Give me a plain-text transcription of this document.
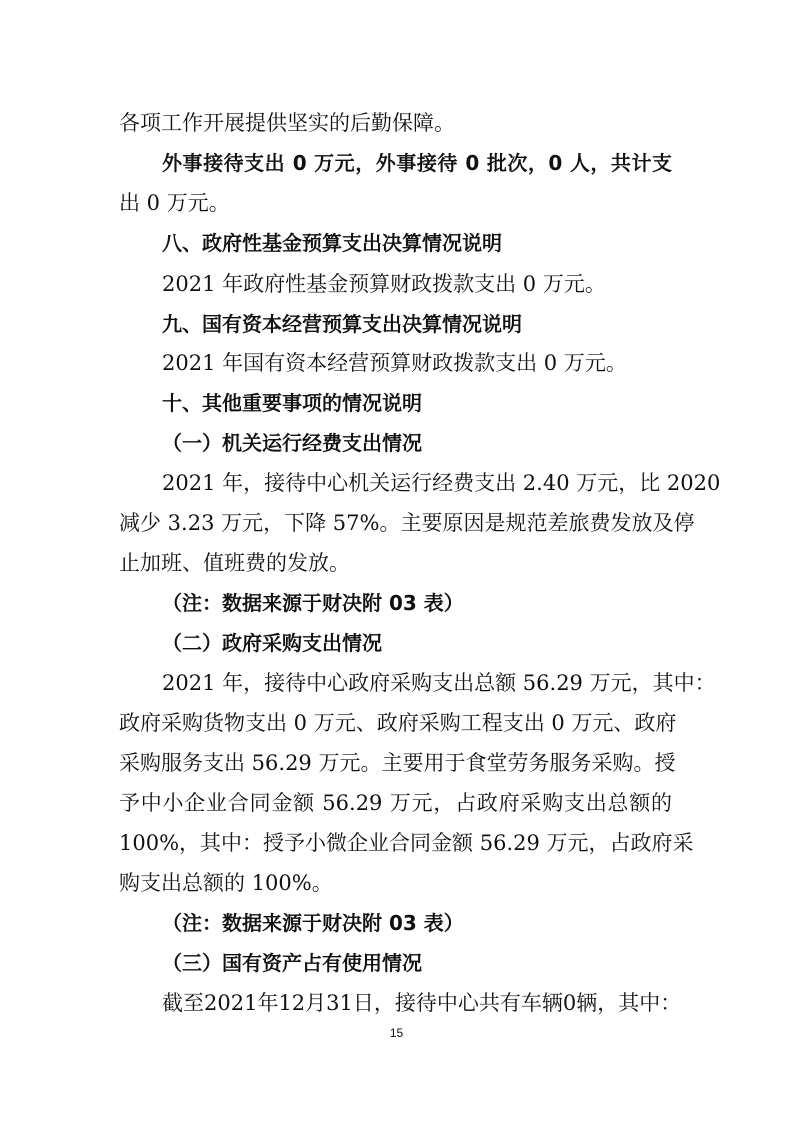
各项工作开展提供坚实的后勤保障。
外事接待支出 0 万元，外事接待 0 批次，0 人，共计支
出 0 万元。
八、政府性基金预算支出决算情况说明
2021 年政府性基金预算财政拨款支出 0 万元。
九、国有资本经营预算支出决算情况说明
2021 年国有资本经营预算财政拨款支出 0 万元。
十、其他重要事项的情况说明
（一）机关运行经费支出情况
2021 年，接待中心机关运行经费支出 2.40 万元，比 2020
减少 3.23 万元，下降 57%。主要原因是规范差旅费发放及停
止加班、值班费的发放。
（注：数据来源于财决附 03 表）
（二）政府采购支出情况
2021 年，接待中心政府采购支出总额 56.29 万元，其中：
政府采购货物支出 0 万元、政府采购工程支出 0 万元、政府
采购服务支出 56.29 万元。主要用于食堂劳务服务采购。授
予中小企业合同金额 56.29 万元，占政府采购支出总额的
100%，其中：授予小微企业合同金额 56.29 万元，占政府采
购支出总额的 100%。
（注：数据来源于财决附 03 表）
（三）国有资产占有使用情况
截至2021年12月31日，接待中心共有车辆0辆，其中：
15
